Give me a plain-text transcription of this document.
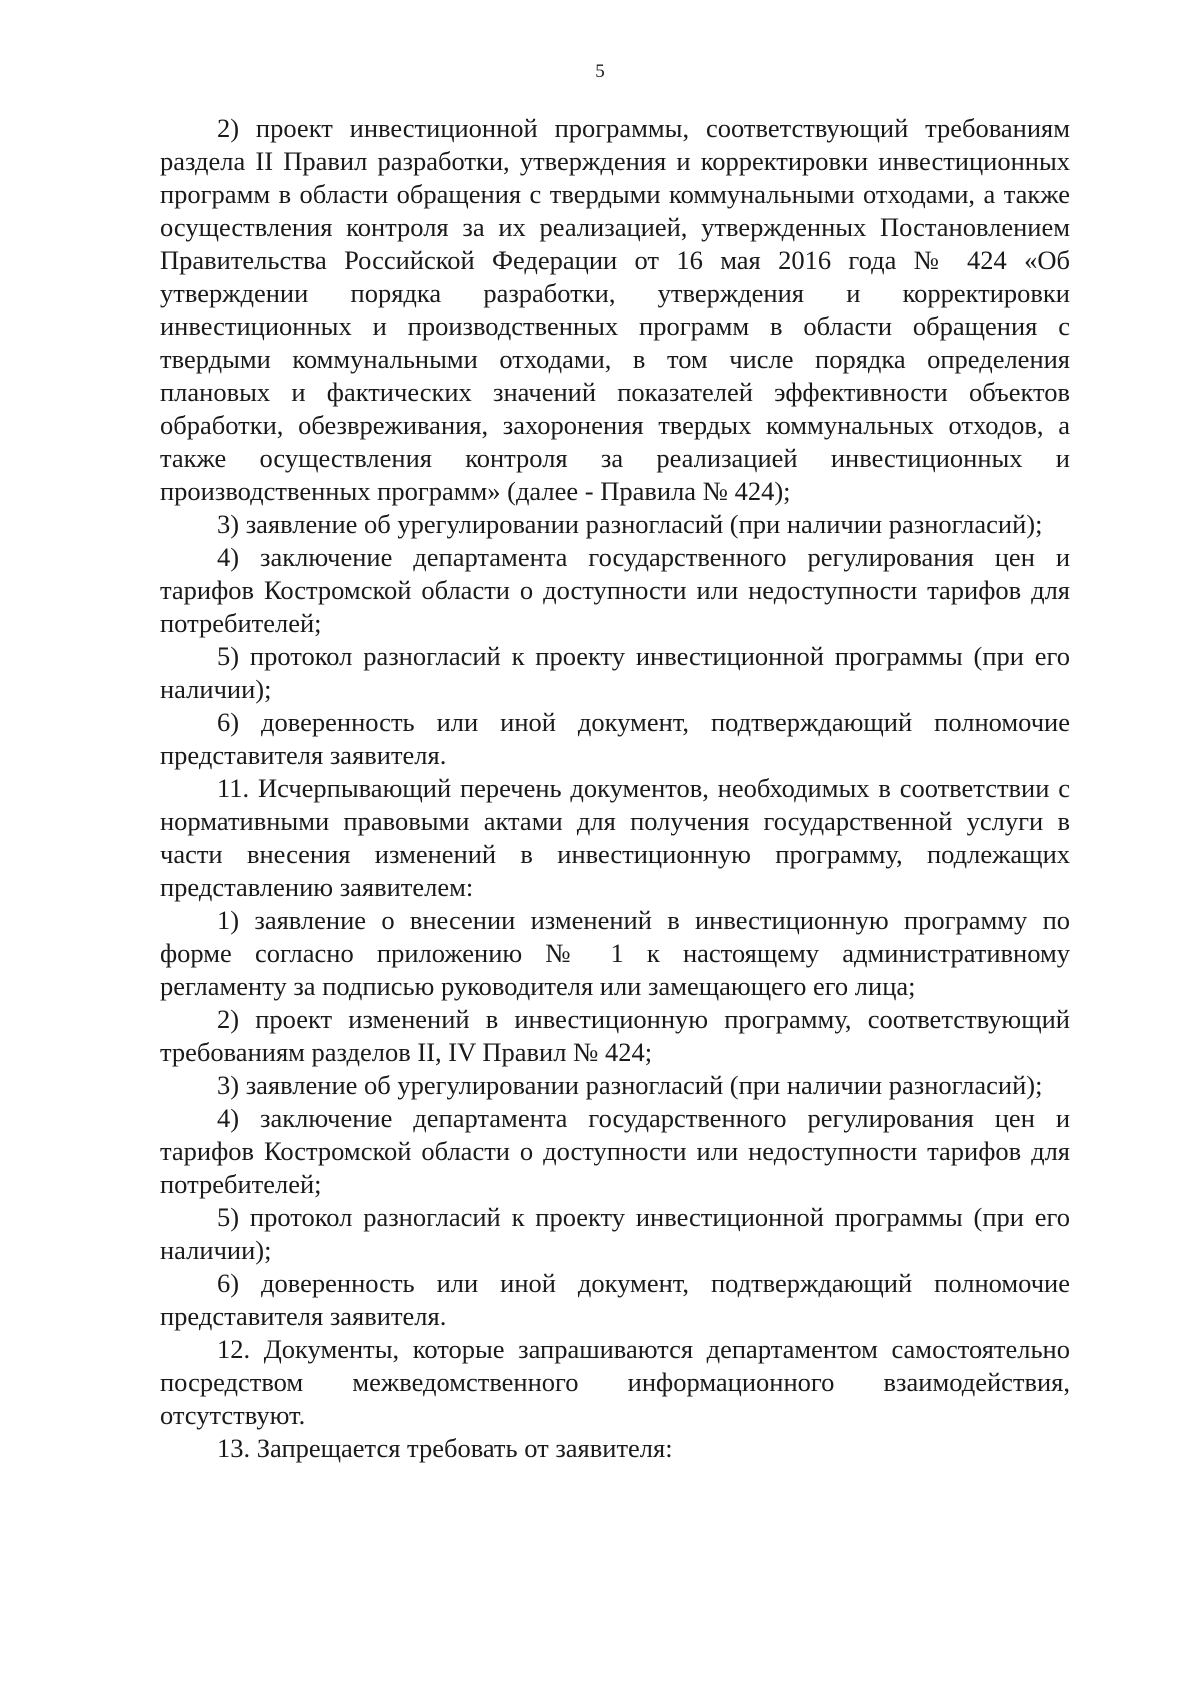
5

2) проект инвестиционной программы, соответствующий требованиям раздела II Правил разработки, утверждения и корректировки инвестиционных программ в области обращения с твердыми коммунальными отходами, а также осуществления контроля за их реализацией, утвержденных Постановлением Правительства Российской Федерации от 16 мая 2016 года № 424 «Об утверждении порядка разработки, утверждения и корректировки инвестиционных и производственных программ в области обращения с твердыми коммунальными отходами, в том числе порядка определения плановых и фактических значений показателей эффективности объектов обработки, обезвреживания, захоронения твердых коммунальных отходов, а также осуществления контроля за реализацией инвестиционных и производственных программ» (далее - Правила № 424);

3) заявление об урегулировании разногласий (при наличии разногласий);

4) заключение департамента государственного регулирования цен и тарифов Костромской области о доступности или недоступности тарифов для потребителей;

5) протокол разногласий к проекту инвестиционной программы (при его наличии);

6) доверенность или иной документ, подтверждающий полномочие представителя заявителя.

11. Исчерпывающий перечень документов, необходимых в соответствии с нормативными правовыми актами для получения государственной услуги в части внесения изменений в инвестиционную программу, подлежащих представлению заявителем:

1) заявление о внесении изменений в инвестиционную программу по форме согласно приложению № 1 к настоящему административному регламенту за подписью руководителя или замещающего его лица;

2) проект изменений в инвестиционную программу, соответствующий требованиям разделов II, IV Правил № 424;

3) заявление об урегулировании разногласий (при наличии разногласий);

4) заключение департамента государственного регулирования цен и тарифов Костромской области о доступности или недоступности тарифов для потребителей;

5) протокол разногласий к проекту инвестиционной программы (при его наличии);

6) доверенность или иной документ, подтверждающий полномочие представителя заявителя.

12. Документы, которые запрашиваются департаментом самостоятельно посредством межведомственного информационного взаимодействия, отсутствуют.

13. Запрещается требовать от заявителя:
